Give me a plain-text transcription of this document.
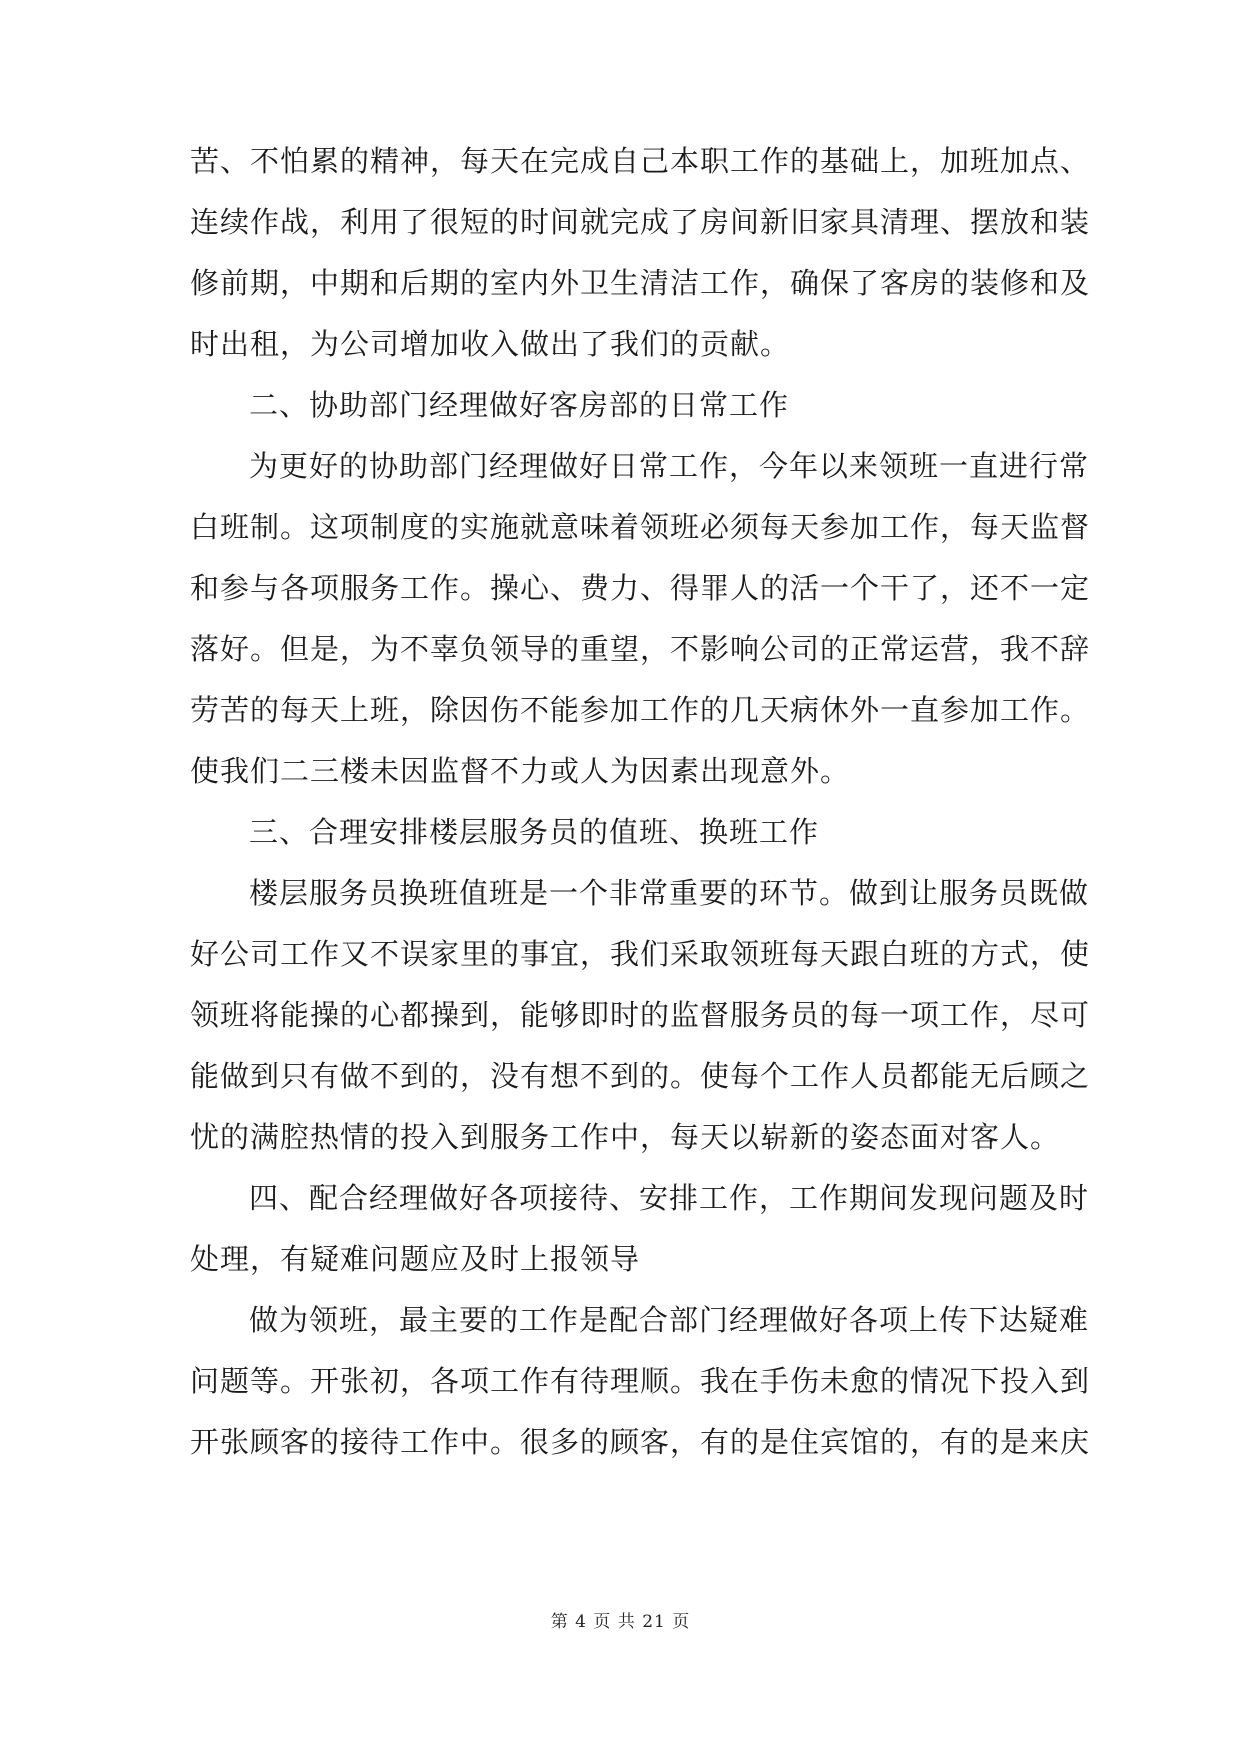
苦、不怕累的精神，每天在完成自己本职工作的基础上，加班加点、
连续作战，利用了很短的时间就完成了房间新旧家具清理、摆放和装
修前期，中期和后期的室内外卫生清洁工作，确保了客房的装修和及
时出租，为公司增加收入做出了我们的贡献。
二、协助部门经理做好客房部的日常工作
为更好的协助部门经理做好日常工作，今年以来领班一直进行常
白班制。这项制度的实施就意味着领班必须每天参加工作，每天监督
和参与各项服务工作。操心、费力、得罪人的活一个干了，还不一定
落好。但是，为不辜负领导的重望，不影响公司的正常运营，我不辞
劳苦的每天上班，除因伤不能参加工作的几天病休外一直参加工作。
使我们二三楼未因监督不力或人为因素出现意外。
三、合理安排楼层服务员的值班、换班工作
楼层服务员换班值班是一个非常重要的环节。做到让服务员既做
好公司工作又不误家里的事宜，我们采取领班每天跟白班的方式，使
领班将能操的心都操到，能够即时的监督服务员的每一项工作，尽可
能做到只有做不到的，没有想不到的。使每个工作人员都能无后顾之
忧的满腔热情的投入到服务工作中，每天以崭新的姿态面对客人。
四、配合经理做好各项接待、安排工作，工作期间发现问题及时
处理，有疑难问题应及时上报领导
做为领班，最主要的工作是配合部门经理做好各项上传下达疑难
问题等。开张初，各项工作有待理顺。我在手伤未愈的情况下投入到
开张顾客的接待工作中。很多的顾客，有的是住宾馆的，有的是来庆
第 4 页 共 21 页
